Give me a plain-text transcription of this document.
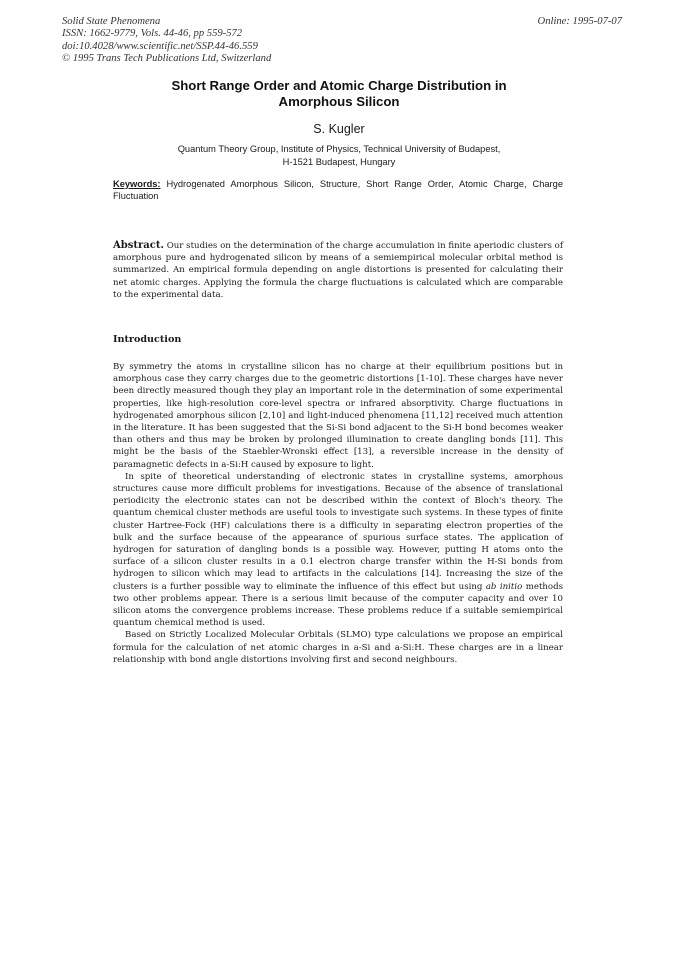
Solid State Phenomena
ISSN: 1662-9779, Vols. 44-46, pp 559-572
doi:10.4028/www.scientific.net/SSP.44-46.559
© 1995 Trans Tech Publications Ltd, Switzerland
Online: 1995-07-07
Short Range Order and Atomic Charge Distribution in
Amorphous Silicon
S. Kugler
Quantum Theory Group, Institute of Physics, Technical University of Budapest,
H-1521 Budapest, Hungary
Keywords: Hydrogenated Amorphous Silicon, Structure, Short Range Order, Atomic Charge, Charge Fluctuation
Abstract. Our studies on the determination of the charge accumulation in finite aperiodic clusters of amorphous pure and hydrogenated silicon by means of a semiempirical molecular orbital method is summarized. An empirical formula depending on angle distortions is presented for calculating their net atomic charges. Applying the formula the charge fluctuations is calculated which are comparable to the experimental data.
Introduction

By symmetry the atoms in crystalline silicon has no charge at their equilibrium positions but in amorphous case they carry charges due to the geometric distortions [1-10]. These charges have never been directly measured though they play an important role in the determination of some experimental properties, like high-resolution core-level spectra or infrared absorptivity. Charge fluctuations in hydrogenated amorphous silicon [2,10] and light-induced phenomena [11,12] received much attention in the literature. It has been suggested that the Si-Si bond adjacent to the Si-H bond becomes weaker than others and thus may be broken by prolonged illumination to create dangling bonds [11]. This might be the basis of the Staebler-Wronski effect [13], a reversible increase in the density of paramagnetic defects in a-Si:H caused by exposure to light.

In spite of theoretical understanding of electronic states in crystalline systems, amorphous structures cause more difficult problems for investigations. Because of the absence of translational periodicity the electronic states can not be described within the context of Bloch's theory. The quantum chemical cluster methods are useful tools to investigate such systems. In these types of finite cluster Hartree-Fock (HF) calculations there is a difficulty in separating electron properties of the bulk and the surface because of the appearance of spurious surface states. The application of hydrogen for saturation of dangling bonds is a possible way. However, putting H atoms onto the surface of a silicon cluster results in a 0.1 electron charge transfer within the H-Si bonds from hydrogen to silicon which may lead to artifacts in the calculations [14]. Increasing the size of the clusters is a further possible way to eliminate the influence of this effect but using ab initio methods two other problems appear. There is a serious limit because of the computer capacity and over 10 silicon atoms the convergence problems increase. These problems reduce if a suitable semiempirical quantum chemical method is used.

Based on Strictly Localized Molecular Orbitals (SLMO) type calculations we propose an empirical formula for the calculation of net atomic charges in a-Si and a-Si:H. These charges are in a linear relationship with bond angle distortions involving first and second neighbours.
